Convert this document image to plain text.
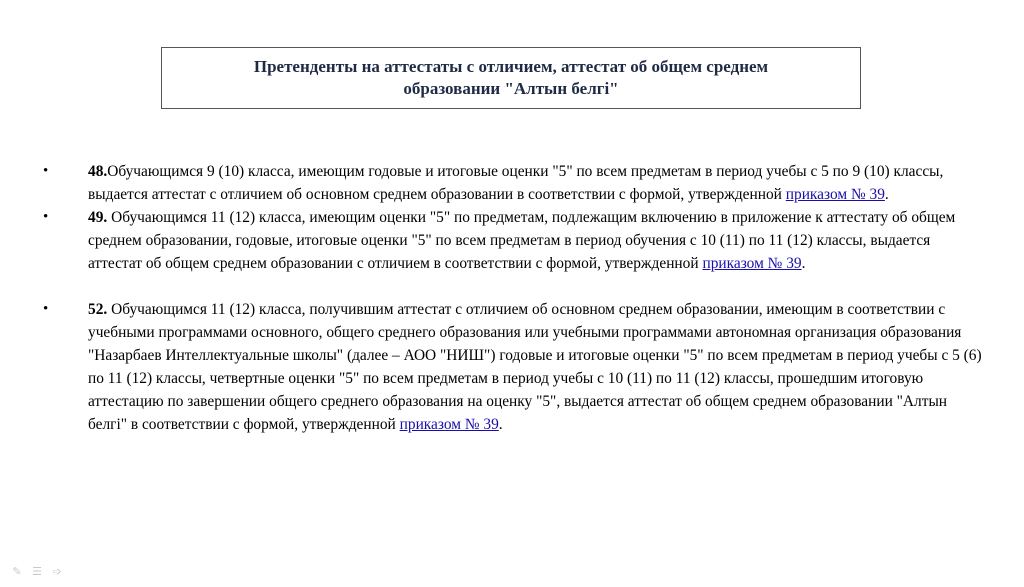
Претенденты на аттестаты с отличием, аттестат об общем среднем
образовании "Алтын белгі"
•	48.Обучающимся 9 (10) класса, имеющим годовые и итоговые оценки "5" по всем предметам в период учебы с 5 по 9 (10) классы, выдается аттестат с отличием об основном среднем образовании в соответствии с формой, утвержденной приказом № 39.
•	49. Обучающимся 11 (12) класса, имеющим оценки "5" по предметам, подлежащим включению в приложение к аттестату об общем среднем образовании, годовые, итоговые оценки "5" по всем предметам в период обучения с 10 (11) по 11 (12) классы, выдается аттестат об общем среднем образовании с отличием в соответствии с формой, утвержденной приказом № 39.
•	52. Обучающимся 11 (12) класса, получившим аттестат с отличием об основном среднем образовании, имеющим в соответствии с учебными программами основного, общего среднего образования или учебными программами автономная организация образования "Назарбаев Интеллектуальные школы" (далее – АОО "НИШ") годовые и итоговые оценки "5" по всем предметам в период учебы с 5 (6) по 11 (12) классы, четвертные оценки "5" по всем предметам в период учебы с 10 (11) по 11 (12) классы, прошедшим итоговую аттестацию по завершении общего среднего образования на оценку "5", выдается аттестат об общем среднем образовании "Алтын белгі" в соответствии с формой, утвержденной приказом № 39.
✎ ☰ ➩
